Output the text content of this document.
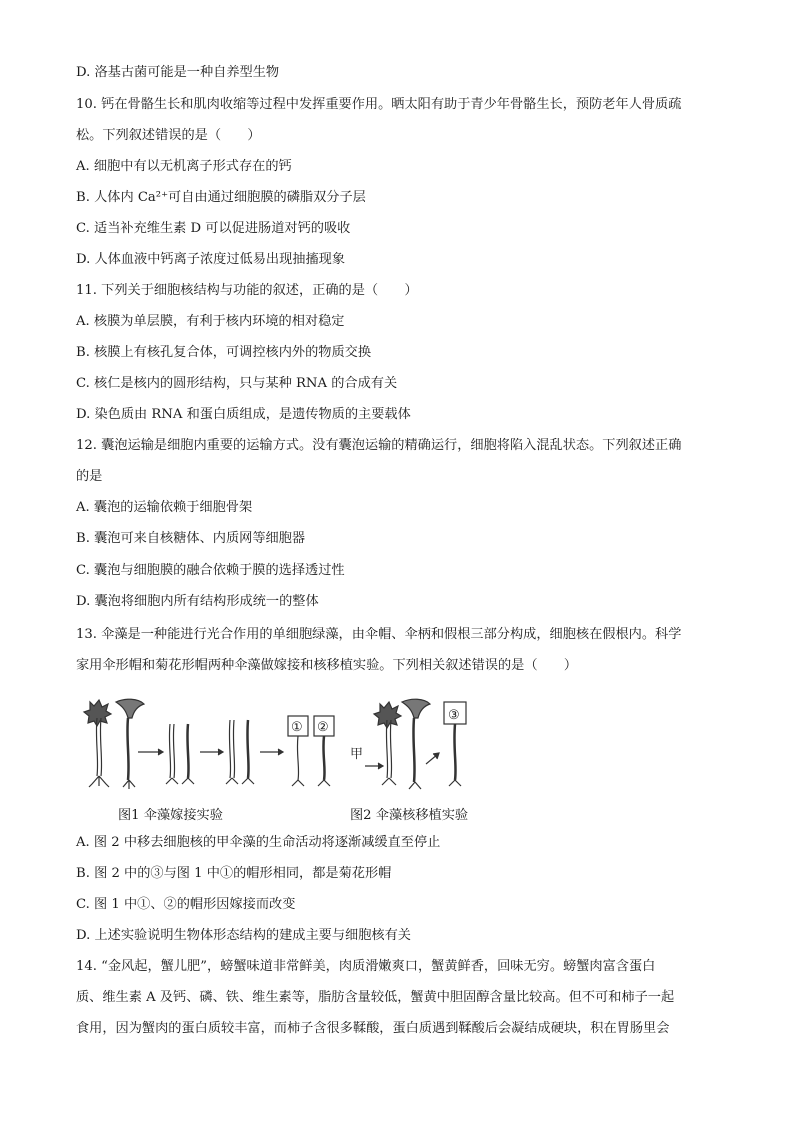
D. 洛基古菌可能是一种自养型生物
10. 钙在骨骼生长和肌肉收缩等过程中发挥重要作用。晒太阳有助于青少年骨骼生长，预防老年人骨质疏
松。下列叙述错误的是（　　）
A. 细胞中有以无机离子形式存在的钙
B. 人体内 Ca²⁺可自由通过细胞膜的磷脂双分子层
C. 适当补充维生素 D 可以促进肠道对钙的吸收
D. 人体血液中钙离子浓度过低易出现抽搐现象
11. 下列关于细胞核结构与功能的叙述，正确的是（　　）
A. 核膜为单层膜，有利于核内环境的相对稳定
B. 核膜上有核孔复合体，可调控核内外的物质交换
C. 核仁是核内的圆形结构，只与某种 RNA 的合成有关
D. 染色质由 RNA 和蛋白质组成，是遗传物质的主要载体
12. 囊泡运输是细胞内重要的运输方式。没有囊泡运输的精确运行，细胞将陷入混乱状态。下列叙述正确
的是
A. 囊泡的运输依赖于细胞骨架
B. 囊泡可来自核糖体、内质网等细胞器
C. 囊泡与细胞膜的融合依赖于膜的选择透过性
D. 囊泡将细胞内所有结构形成统一的整体
13. 伞藻是一种能进行光合作用的单细胞绿藻，由伞帽、伞柄和假根三部分构成，细胞核在假根内。科学
家用伞形帽和菊花形帽两种伞藻做嫁接和核移植实验。下列相关叙述错误的是（　　）
① ②
③
甲
图1 伞藻嫁接实验	图2 伞藻核移植实验
A. 图 2 中移去细胞核的甲伞藻的生命活动将逐渐减缓直至停止
B. 图 2 中的③与图 1 中①的帽形相同，都是菊花形帽
C. 图 1 中①、②的帽形因嫁接而改变
D. 上述实验说明生物体形态结构的建成主要与细胞核有关
14. “金风起，蟹儿肥”，螃蟹味道非常鲜美，肉质滑嫩爽口，蟹黄鲜香，回味无穷。螃蟹肉富含蛋白
质、维生素 A 及钙、磷、铁、维生素等，脂肪含量较低，蟹黄中胆固醇含量比较高。但不可和柿子一起
食用，因为蟹肉的蛋白质较丰富，而柿子含很多鞣酸，蛋白质遇到鞣酸后会凝结成硬块，积在胃肠里会
